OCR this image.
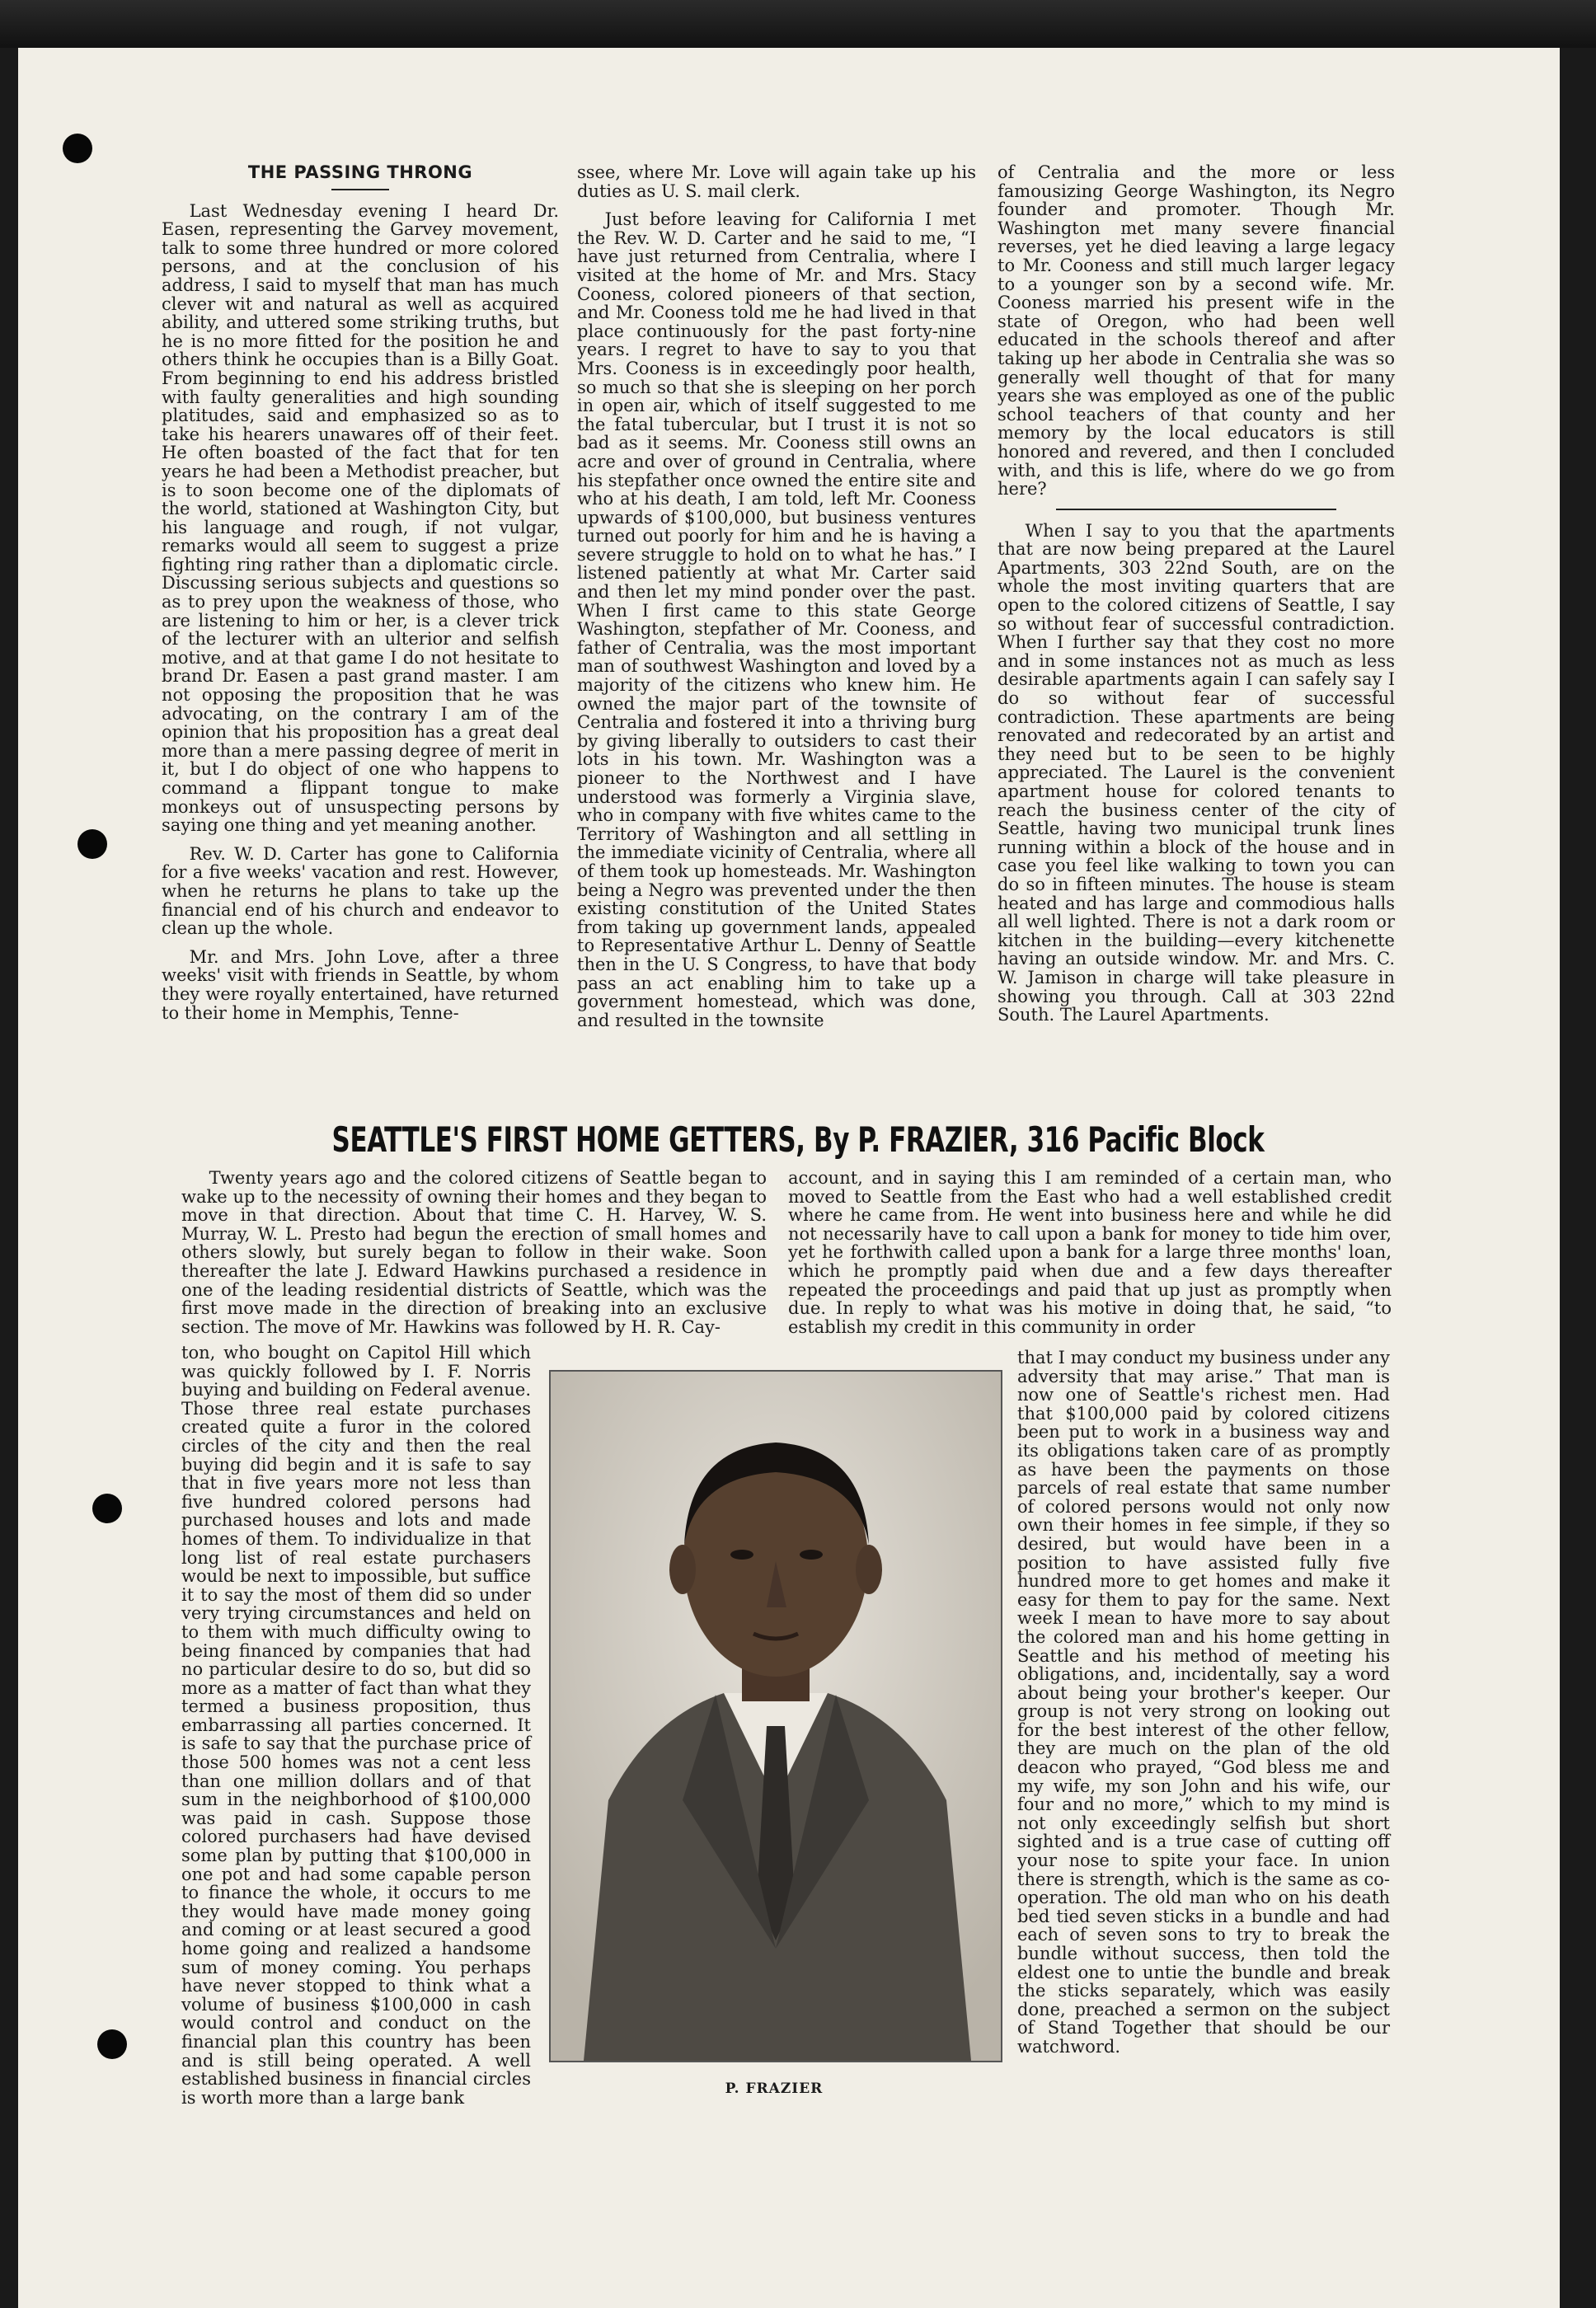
THE PASSING THRONG

Last Wednesday evening I heard Dr. Easen, representing the Garvey movement, talk to some three hundred or more colored persons, and at the conclusion of his address, I said to myself that man has much clever wit and natural as well as acquired ability, and uttered some striking truths, but he is no more fitted for the position he and others think he occupies than is a Billy Goat. From beginning to end his address bristled with faulty generalities and high sounding platitudes, said and emphasized so as to take his hearers unawares off of their feet. He often boasted of the fact that for ten years he had been a Methodist preacher, but is to soon become one of the diplomats of the world, stationed at Washington City, but his language and rough, if not vulgar, remarks would all seem to suggest a prize fighting ring rather than a diplomatic circle. Discussing serious subjects and questions so as to prey upon the weakness of those, who are listening to him or her, is a clever trick of the lecturer with an ulterior and selfish motive, and at that game I do not hesitate to brand Dr. Easen a past grand master. I am not opposing the proposition that he was advocating, on the contrary I am of the opinion that his proposition has a great deal more than a mere passing degree of merit in it, but I do object of one who happens to command a flippant tongue to make monkeys out of unsuspecting persons by saying one thing and yet meaning another.

Rev. W. D. Carter has gone to California for a five weeks' vacation and rest. However, when he returns he plans to take up the financial end of his church and endeavor to clean up the whole.

Mr. and Mrs. John Love, after a three weeks' visit with friends in Seattle, by whom they were royally entertained, have returned to their home in Memphis, Tenne-

ssee, where Mr. Love will again take up his duties as U. S. mail clerk.

Just before leaving for California I met the Rev. W. D. Carter and he said to me, “I have just returned from Centralia, where I visited at the home of Mr. and Mrs. Stacy Cooness, colored pioneers of that section, and Mr. Cooness told me he had lived in that place continuously for the past forty-nine years. I regret to have to say to you that Mrs. Cooness is in exceedingly poor health, so much so that she is sleeping on her porch in open air, which of itself suggested to me the fatal tubercular, but I trust it is not so bad as it seems. Mr. Cooness still owns an acre and over of ground in Centralia, where his stepfather once owned the entire site and who at his death, I am told, left Mr. Cooness upwards of $100,000, but business ventures turned out poorly for him and he is having a severe struggle to hold on to what he has.” I listened patiently at what Mr. Carter said and then let my mind ponder over the past. When I first came to this state George Washington, stepfather of Mr. Cooness, and father of Centralia, was the most important man of southwest Washington and loved by a majority of the citizens who knew him. He owned the major part of the townsite of Centralia and fostered it into a thriving burg by giving liberally to outsiders to cast their lots in his town. Mr. Washington was a pioneer to the Northwest and I have understood was formerly a Virginia slave, who in company with five whites came to the Territory of Washington and all settling in the immediate vicinity of Centralia, where all of them took up homesteads. Mr. Washington being a Negro was prevented under the then existing constitution of the United States from taking up government lands, appealed to Representative Arthur L. Denny of Seattle then in the U. S Congress, to have that body pass an act enabling him to take up a government homestead, which was done, and resulted in the townsite

of Centralia and the more or less famousizing George Washington, its Negro founder and promoter. Though Mr. Washington met many severe financial reverses, yet he died leaving a large legacy to Mr. Cooness and still much larger legacy to a younger son by a second wife. Mr. Cooness married his present wife in the state of Oregon, who had been well educated in the schools thereof and after taking up her abode in Centralia she was so generally well thought of that for many years she was employed as one of the public school teachers of that county and her memory by the local educators is still honored and revered, and then I concluded with, and this is life, where do we go from here?

When I say to you that the apartments that are now being prepared at the Laurel Apartments, 303 22nd South, are on the whole the most inviting quarters that are open to the colored citizens of Seattle, I say so without fear of successful contradiction. When I further say that they cost no more and in some instances not as much as less desirable apartments again I can safely say I do so without fear of successful contradiction. These apartments are being renovated and redecorated by an artist and they need but to be seen to be highly appreciated. The Laurel is the convenient apartment house for colored tenants to reach the business center of the city of Seattle, having two municipal trunk lines running within a block of the house and in case you feel like walking to town you can do so in fifteen minutes. The house is steam heated and has large and commodious halls all well lighted. There is not a dark room or kitchen in the building—every kitchenette having an outside window. Mr. and Mrs. C. W. Jamison in charge will take pleasure in showing you through. Call at 303 22nd South. The Laurel Apartments.

SEATTLE'S FIRST HOME GETTERS, By P. FRAZIER, 316 Pacific Block

Twenty years ago and the colored citizens of Seattle began to wake up to the necessity of owning their homes and they began to move in that direction. About that time C. H. Harvey, W. S. Murray, W. L. Presto had begun the erection of small homes and others slowly, but surely began to follow in their wake. Soon thereafter the late J. Edward Hawkins purchased a residence in one of the leading residential districts of Seattle, which was the first move made in the direction of breaking into an exclusive section. The move of Mr. Hawkins was followed by H. R. Cay-

account, and in saying this I am reminded of a certain man, who moved to Seattle from the East who had a well established credit where he came from. He went into business here and while he did not necessarily have to call upon a bank for money to tide him over, yet he forthwith called upon a bank for a large three months' loan, which he promptly paid when due and a few days thereafter repeated the proceedings and paid that up just as promptly when due. In reply to what was his motive in doing that, he said, “to establish my credit in this community in order

ton, who bought on Capitol Hill which was quickly followed by I. F. Norris buying and building on Federal avenue. Those three real estate purchases created quite a furor in the colored circles of the city and then the real buying did begin and it is safe to say that in five years more not less than five hundred colored persons had purchased houses and lots and made homes of them. To individualize in that long list of real estate purchasers would be next to impossible, but suffice it to say the most of them did so under very trying circumstances and held on to them with much difficulty owing to being financed by companies that had no particular desire to do so, but did so more as a matter of fact than what they termed a business proposition, thus embarrassing all parties concerned. It is safe to say that the purchase price of those 500 homes was not a cent less than one million dollars and of that sum in the neighborhood of $100,000 was paid in cash. Suppose those colored purchasers had have devised some plan by putting that $100,000 in one pot and had some capable person to finance the whole, it occurs to me they would have made money going and coming or at least secured a good home going and realized a handsome sum of money coming. You perhaps have never stopped to think what a volume of business $100,000 in cash would control and conduct on the financial plan this country has been and is still being operated. A well established business in financial circles is worth more than a large bank

that I may conduct my business under any adversity that may arise.” That man is now one of Seattle's richest men. Had that $100,000 paid by colored citizens been put to work in a business way and its obligations taken care of as promptly as have been the payments on those parcels of real estate that same number of colored persons would not only now own their homes in fee simple, if they so desired, but would have been in a position to have assisted fully five hundred more to get homes and make it easy for them to pay for the same. Next week I mean to have more to say about the colored man and his home getting in Seattle and his method of meeting his obligations, and, incidentally, say a word about being your brother's keeper. Our group is not very strong on looking out for the best interest of the other fellow, they are much on the plan of the old deacon who prayed, “God bless me and my wife, my son John and his wife, our four and no more,” which to my mind is not only exceedingly selfish but short sighted and is a true case of cutting off your nose to spite your face. In union there is strength, which is the same as co-operation. The old man who on his death bed tied seven sticks in a bundle and had each of seven sons to try to break the bundle without success, then told the eldest one to untie the bundle and break the sticks separately, which was easily done, preached a sermon on the subject of Stand Together that should be our watchword.

P. FRAZIER
